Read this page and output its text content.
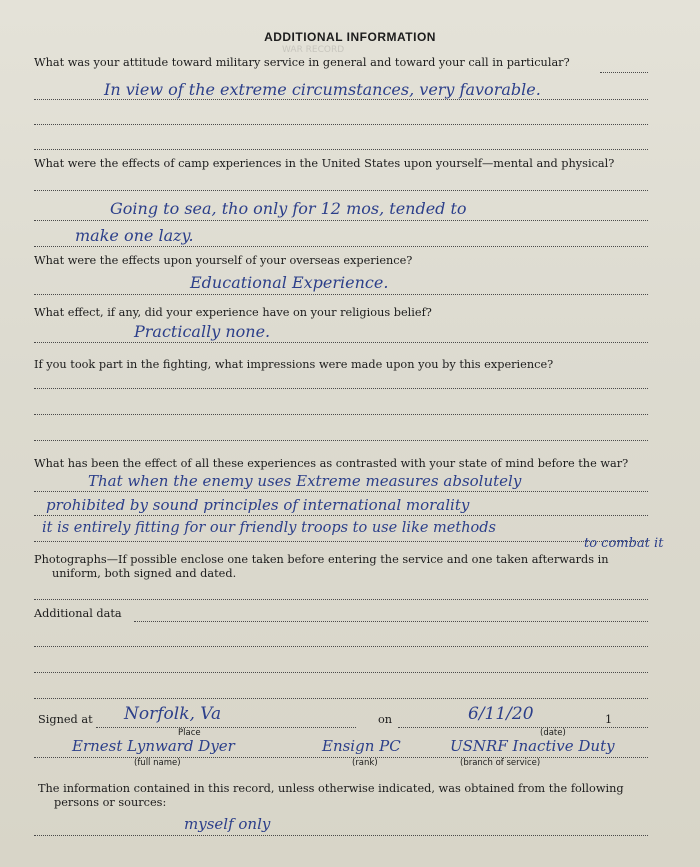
WAR RECORD
ADDITIONAL INFORMATION
What was your attitude toward military service in general and toward your call in particular?
In view of the extreme circumstances, very favorable.
What were the effects of camp experiences in the United States upon yourself—mental and physical?
Going to sea, tho only for 12 mos, tended to
make one lazy.
What were the effects upon yourself of your overseas experience?
Educational Experience.
What effect, if any, did your experience have on your religious belief?
Practically none.
If you took part in the fighting, what impressions were made upon you by this experience?
What has been the effect of all these experiences as contrasted with your state of mind before the war?
That when the enemy uses Extreme measures absolutely
prohibited by sound principles of international morality
it is entirely fitting for our friendly troops to use like methods
to combat it
Photographs—If possible enclose one taken before entering the service and one taken afterwards in
uniform, both signed and dated.
Additional data
Signed at Norfolk, Va
Place
on	6/11/20
(date)
1
Ernest Lynward Dyer	Ensign PC	USNRF Inactive Duty
(full name)	(rank)	(branch of service)
The information contained in this record, unless otherwise indicated, was obtained from the following
persons or sources:
myself only
